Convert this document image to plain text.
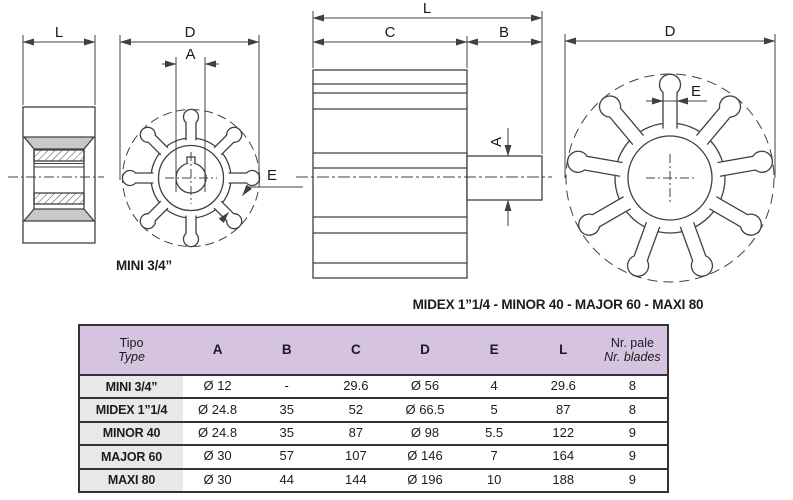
L	D
A
E
L
C	B
A
D
E
MINI 3/4”
MIDEX 1”1/4 - MINOR 40 - MAJOR 60 - MAXI 80
Tipo
Type	A	B	C	D	E	L	Nr. pale
Nr. blades
MINI 3/4”	Ø 12	-	29.6	Ø 56	4	29.6	8
MIDEX 1”1/4	Ø 24.8	35	52	Ø 66.5	5	87	8
MINOR 40	Ø 24.8	35	87	Ø 98	5.5	122	9
MAJOR 60	Ø 30	57	107	Ø 146	7	164	9
MAXI 80	Ø 30	44	144	Ø 196	10	188	9
